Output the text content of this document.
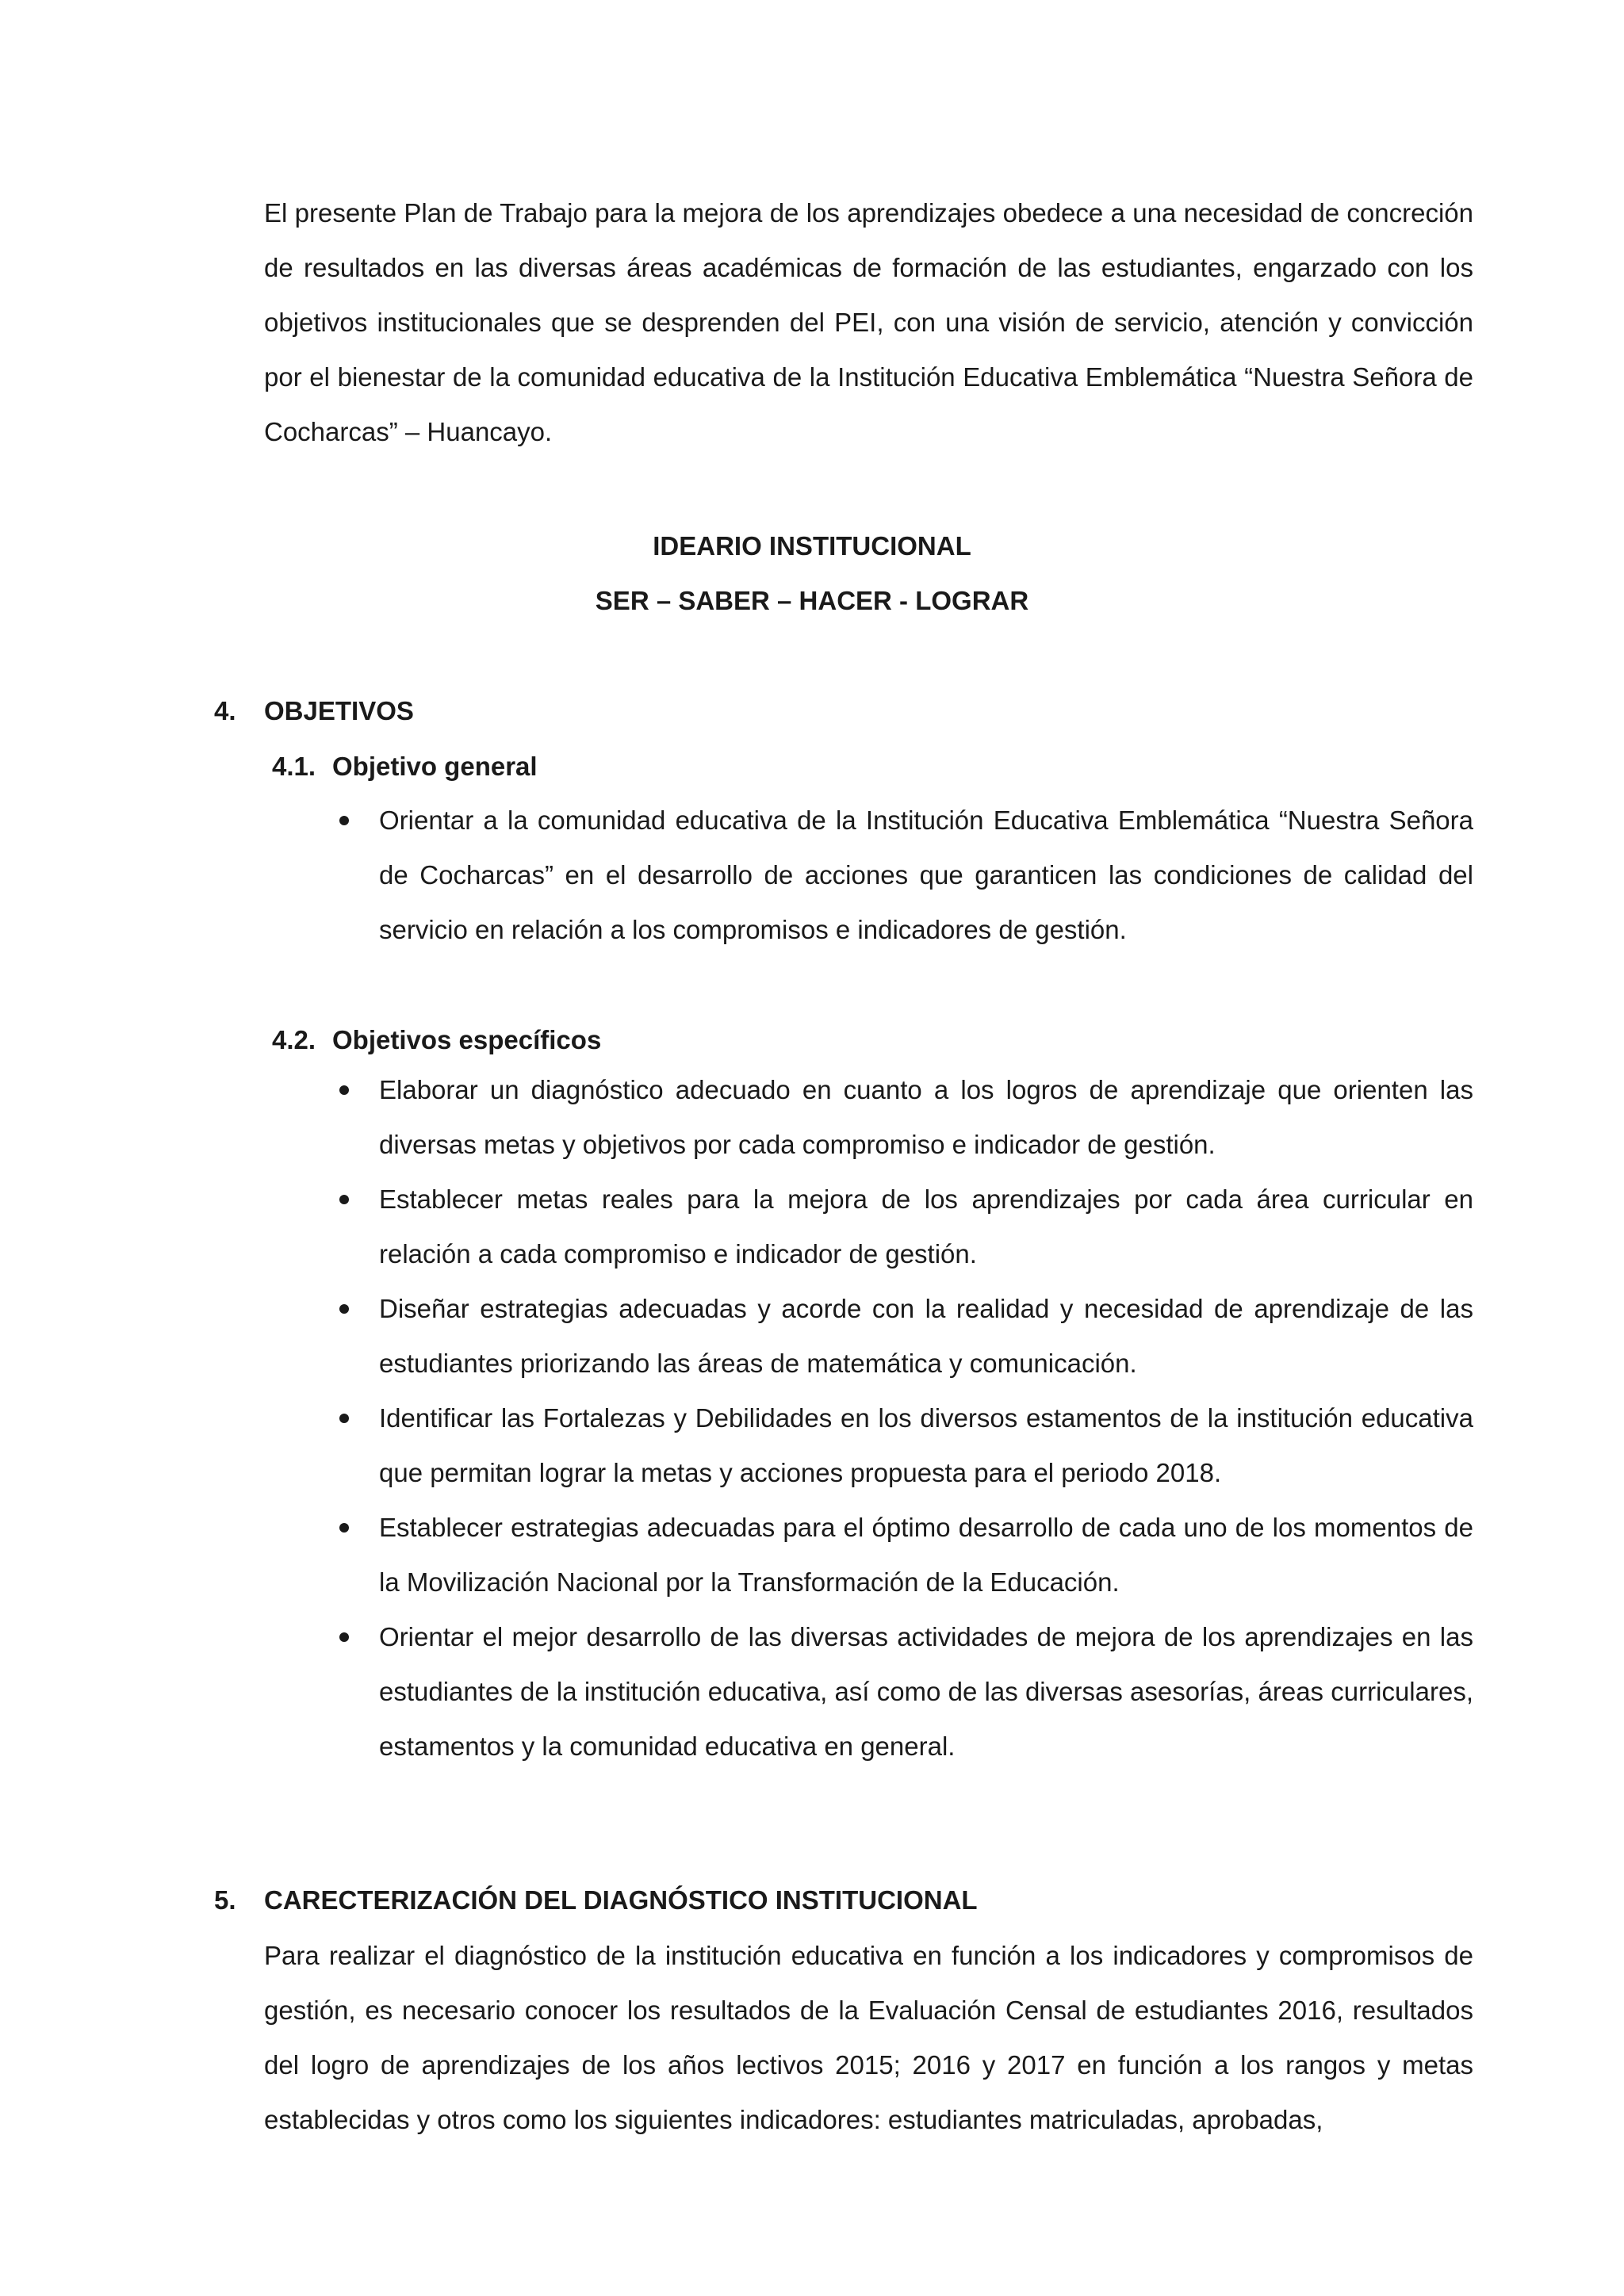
El presente Plan de Trabajo para la mejora de los aprendizajes obedece a una necesidad de concreción de resultados en las diversas áreas académicas de formación de las estudiantes, engarzado con los objetivos institucionales que se desprenden del PEI, con una visión de servicio, atención y convicción por el bienestar de la comunidad educativa de la Institución Educativa Emblemática “Nuestra Señora de Cocharcas” – Huancayo.

IDEARIO INSTITUCIONAL

SER – SABER – HACER - LOGRAR

4. OBJETIVOS
4.1. Objetivo general
Orientar a la comunidad educativa de la Institución Educativa Emblemática “Nuestra Señora de Cocharcas” en el desarrollo de acciones que garanticen las condiciones de calidad del servicio en relación a los compromisos e indicadores de gestión.
4.2. Objetivos específicos
Elaborar un diagnóstico adecuado en cuanto a los logros de aprendizaje que orienten las diversas metas y objetivos por cada compromiso e indicador de gestión.
Establecer metas reales para la mejora de los aprendizajes por cada área curricular en relación a cada compromiso e indicador de gestión.
Diseñar estrategias adecuadas y acorde con la realidad y necesidad de aprendizaje de las estudiantes priorizando las áreas de matemática y comunicación.
Identificar las Fortalezas y Debilidades en los diversos estamentos de la institución educativa que permitan lograr la metas y acciones propuesta para el periodo 2018.
Establecer estrategias adecuadas para el óptimo desarrollo de cada uno de los momentos de la Movilización Nacional por la Transformación de la Educación.
Orientar el mejor desarrollo de las diversas actividades de mejora de los aprendizajes en las estudiantes de la institución educativa, así como de las diversas asesorías, áreas curriculares, estamentos y la comunidad educativa en general.
5. CARECTERIZACIÓN DEL DIAGNÓSTICO INSTITUCIONAL

Para realizar el diagnóstico de la institución educativa en función a los indicadores y compromisos de gestión, es necesario conocer los resultados de la Evaluación Censal de estudiantes 2016, resultados del logro de aprendizajes de los años lectivos 2015; 2016 y 2017 en función a los rangos y metas establecidas y otros como los siguientes indicadores: estudiantes matriculadas, aprobadas,
